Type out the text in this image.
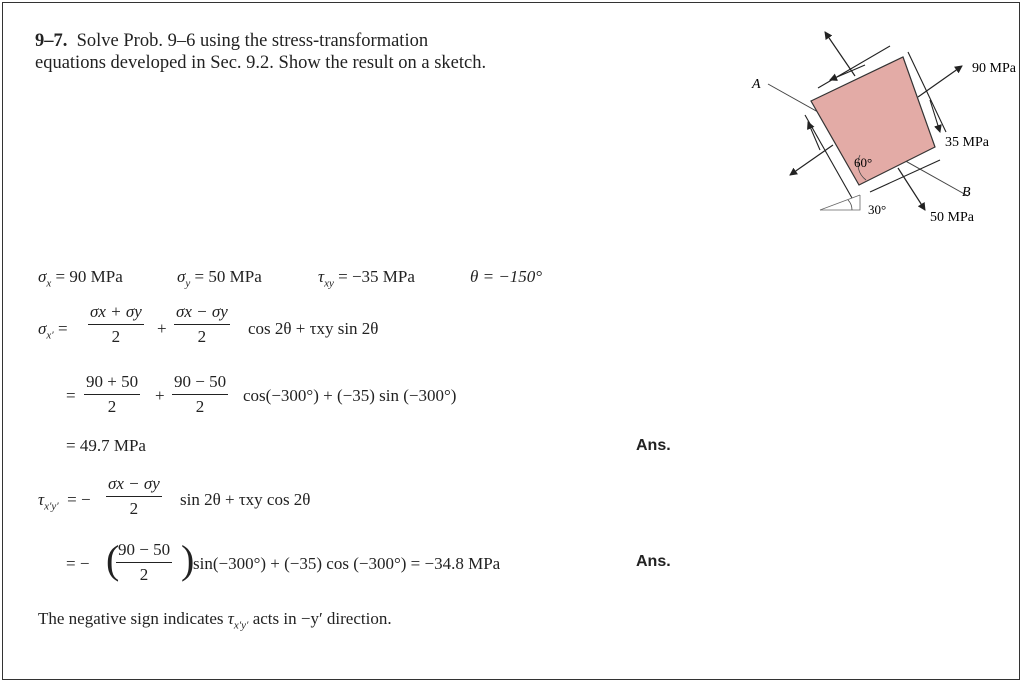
9–7. Solve Prob. 9–6 using the stress-transformation
equations developed in Sec. 9.2. Show the result on a sketch.
A
B
90 MPa
35 MPa
50 MPa
60°
30°
$\sigma_x = 90$ MPa	$\sigma_y = 50$ MPa	$\tau_{xy} = -35$ MPa	θ = −150°
$\sigma_{x'} = \frac{\sigma x + \sigma y}{2} + \frac{\sigma x - \sigma y}{2}$ cos 2θ + τxy sin 2θ
= $\frac{90 + 50}{2} + \frac{90 - 50}{2} \cos(-300^\circ) + (-35)$ sin (−300°)
= 49.7 MPa	Ans.
$\tau_{x'y'}$ = − $\frac{\sigma x - \sigma y}{2}$ sin 2θ + τxy cos 2θ
= − (
$\frac{90 - 50}{2}$ )
sin(−300°) + (−35) cos (−300°) = −34.8 MPa	Ans.
The negative sign indicates $\tau_{x'y'}$ acts in −y′ direction.
